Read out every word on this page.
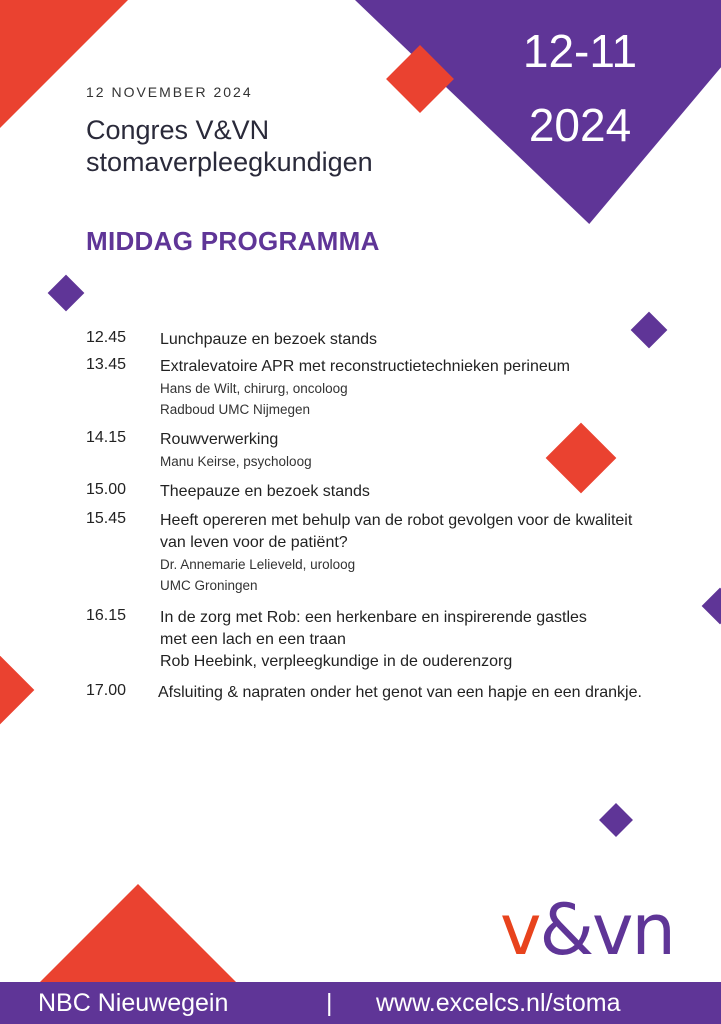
12-11
2024
12 NOVEMBER 2024
Congres V&VN
stomaverpleegkundigen
MIDDAG PROGRAMMA
12.45 Lunchpauze en bezoek stands
13.45 Extralevatoire APR met reconstructietechnieken perineum
Hans de Wilt, chirurg, oncoloog
Radboud UMC Nijmegen
14.15 Rouwverwerking
Manu Keirse, psycholoog
15.00 Theepauze en bezoek stands
15.45 Heeft opereren met behulp van de robot gevolgen voor de kwaliteit
van leven voor de patiënt?
Dr. Annemarie Lelieveld, uroloog
UMC Groningen
16.15 In de zorg met Rob: een herkenbare en inspirerende gastles
met een lach en een traan
Rob Heebink, verpleegkundige in de ouderenzorg
17.00 Afsluiting & napraten onder het genot van een hapje en een drankje.
v&vn
NBC Nieuwegein	| www.excelcs.nl/stoma
